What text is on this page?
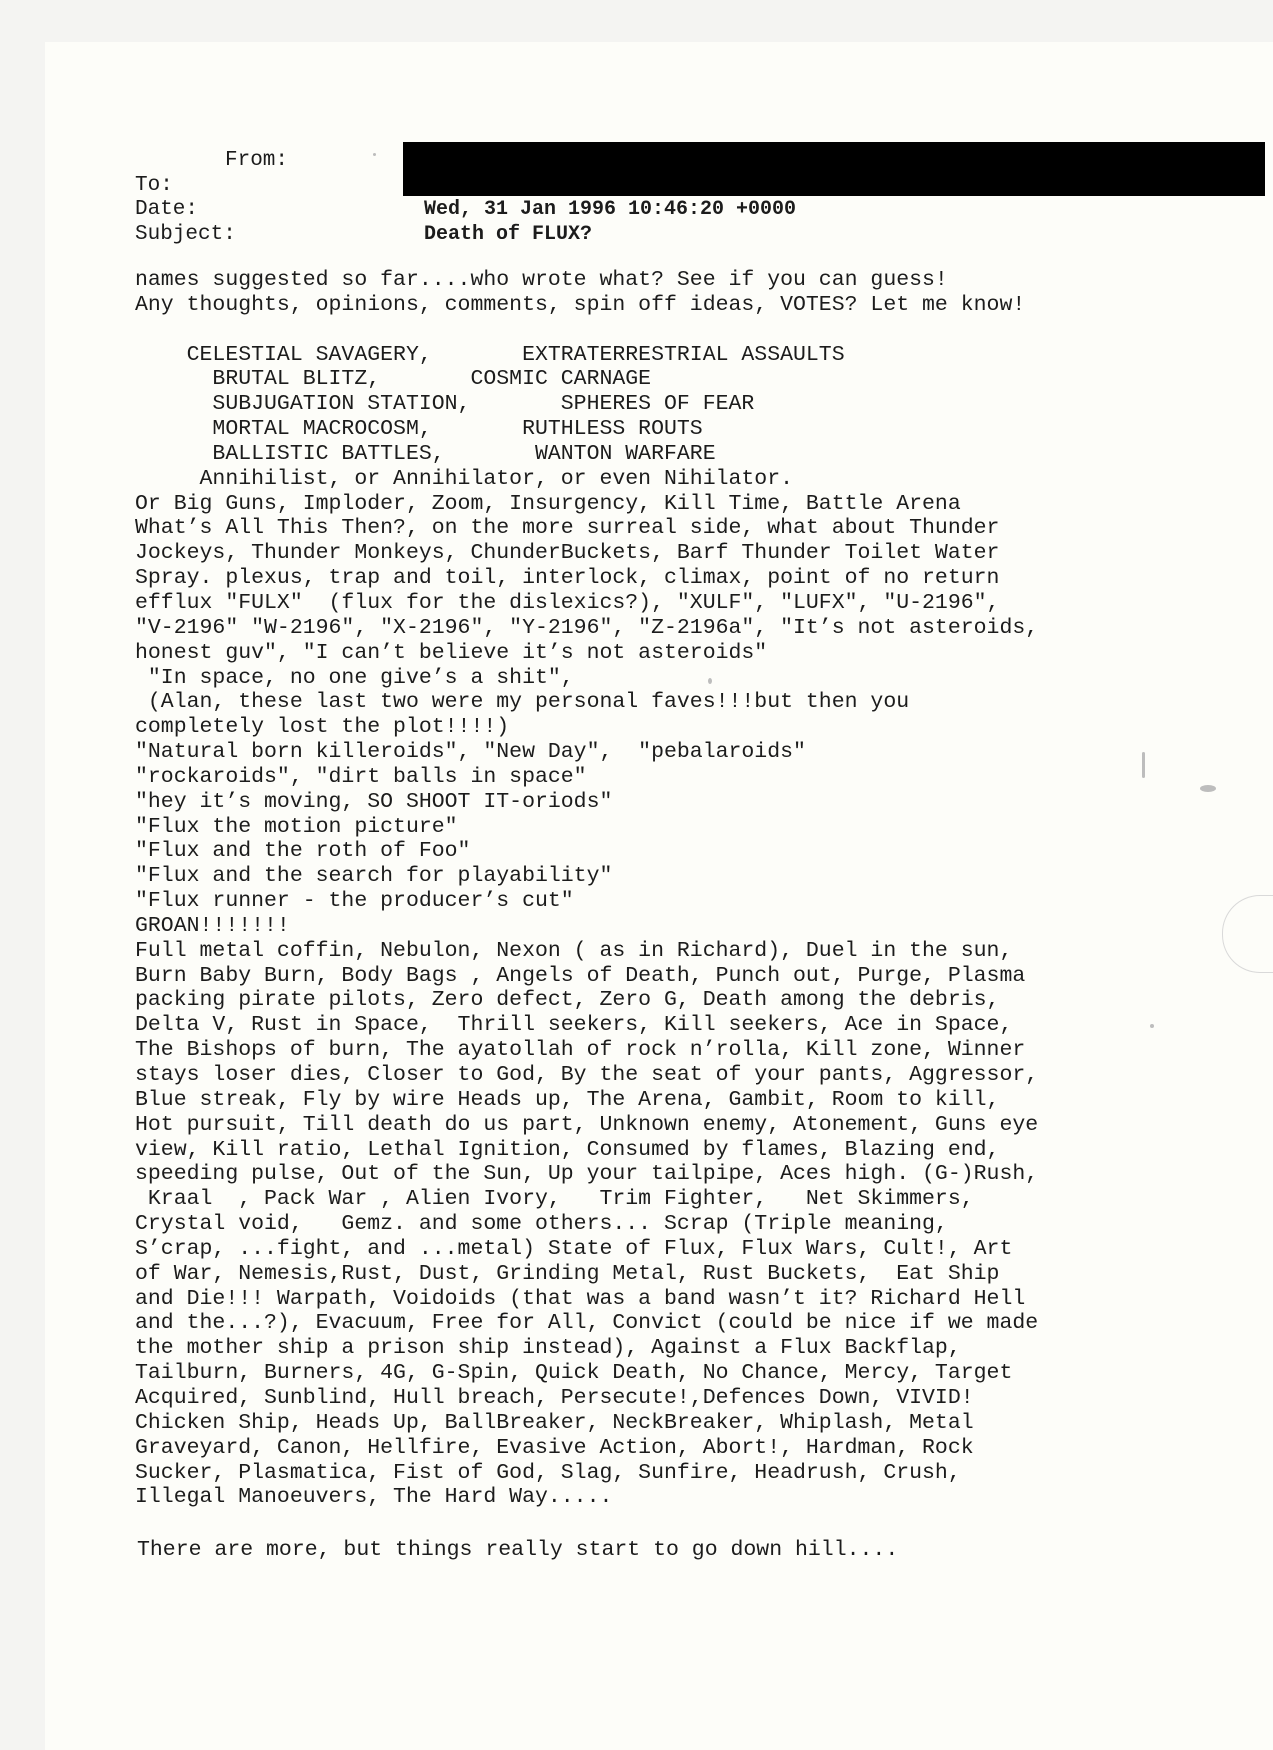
From:
To:
Date:
Subject:
Wed, 31 Jan 1996 10:46:20 +0000
Death of FLUX?
names suggested so far....who wrote what? See if you can guess!
Any thoughts, opinions, comments, spin off ideas, VOTES? Let me know!
CELESTIAL SAVAGERY,       EXTRATERRESTRIAL ASSAULTS
BRUTAL BLITZ,       COSMIC CARNAGE
SUBJUGATION STATION,       SPHERES OF FEAR
MORTAL MACROCOSM,       RUTHLESS ROUTS
BALLISTIC BATTLES,       WANTON WARFARE
Annihilist, or Annihilator, or even Nihilator.
Or Big Guns, Imploder, Zoom, Insurgency, Kill Time, Battle Arena
What’s All This Then?, on the more surreal side, what about Thunder
Jockeys, Thunder Monkeys, ChunderBuckets, Barf Thunder Toilet Water
Spray. plexus, trap and toil, interlock, climax, point of no return
efflux "FULX"  (flux for the dislexics?), "XULF", "LUFX", "U-2196",
"V-2196" "W-2196", "X-2196", "Y-2196", "Z-2196a", "It’s not asteroids,
honest guv", "I can’t believe it’s not asteroids"
"In space, no one give’s a shit",
(Alan, these last two were my personal faves!!!but then you
completely lost the plot!!!!)
"Natural born killeroids", "New Day",  "pebalaroids"
"rockaroids", "dirt balls in space"
"hey it’s moving, SO SHOOT IT-oriods"
"Flux the motion picture"
"Flux and the roth of Foo"
"Flux and the search for playability"
"Flux runner - the producer’s cut"
GROAN!!!!!!!
Full metal coffin, Nebulon, Nexon ( as in Richard), Duel in the sun,
Burn Baby Burn, Body Bags , Angels of Death, Punch out, Purge, Plasma
packing pirate pilots, Zero defect, Zero G, Death among the debris,
Delta V, Rust in Space,  Thrill seekers, Kill seekers, Ace in Space,
The Bishops of burn, The ayatollah of rock n’rolla, Kill zone, Winner
stays loser dies, Closer to God, By the seat of your pants, Aggressor,
Blue streak, Fly by wire Heads up, The Arena, Gambit, Room to kill,
Hot pursuit, Till death do us part, Unknown enemy, Atonement, Guns eye
view, Kill ratio, Lethal Ignition, Consumed by flames, Blazing end,
speeding pulse, Out of the Sun, Up your tailpipe, Aces high. (G-)Rush,
Kraal  , Pack War , Alien Ivory,   Trim Fighter,   Net Skimmers,
Crystal void,   Gemz. and some others... Scrap (Triple meaning,
S’crap, ...fight, and ...metal) State of Flux, Flux Wars, Cult!, Art
of War, Nemesis,Rust, Dust, Grinding Metal, Rust Buckets,  Eat Ship
and Die!!! Warpath, Voidoids (that was a band wasn’t it? Richard Hell
and the...?), Evacuum, Free for All, Convict (could be nice if we made
the mother ship a prison ship instead), Against a Flux Backflap,
Tailburn, Burners, 4G, G-Spin, Quick Death, No Chance, Mercy, Target
Acquired, Sunblind, Hull breach, Persecute!,Defences Down, VIVID!
Chicken Ship, Heads Up, BallBreaker, NeckBreaker, Whiplash, Metal
Graveyard, Canon, Hellfire, Evasive Action, Abort!, Hardman, Rock
Sucker, Plasmatica, Fist of God, Slag, Sunfire, Headrush, Crush,
Illegal Manoeuvers, The Hard Way.....
There are more, but things really start to go down hill....
